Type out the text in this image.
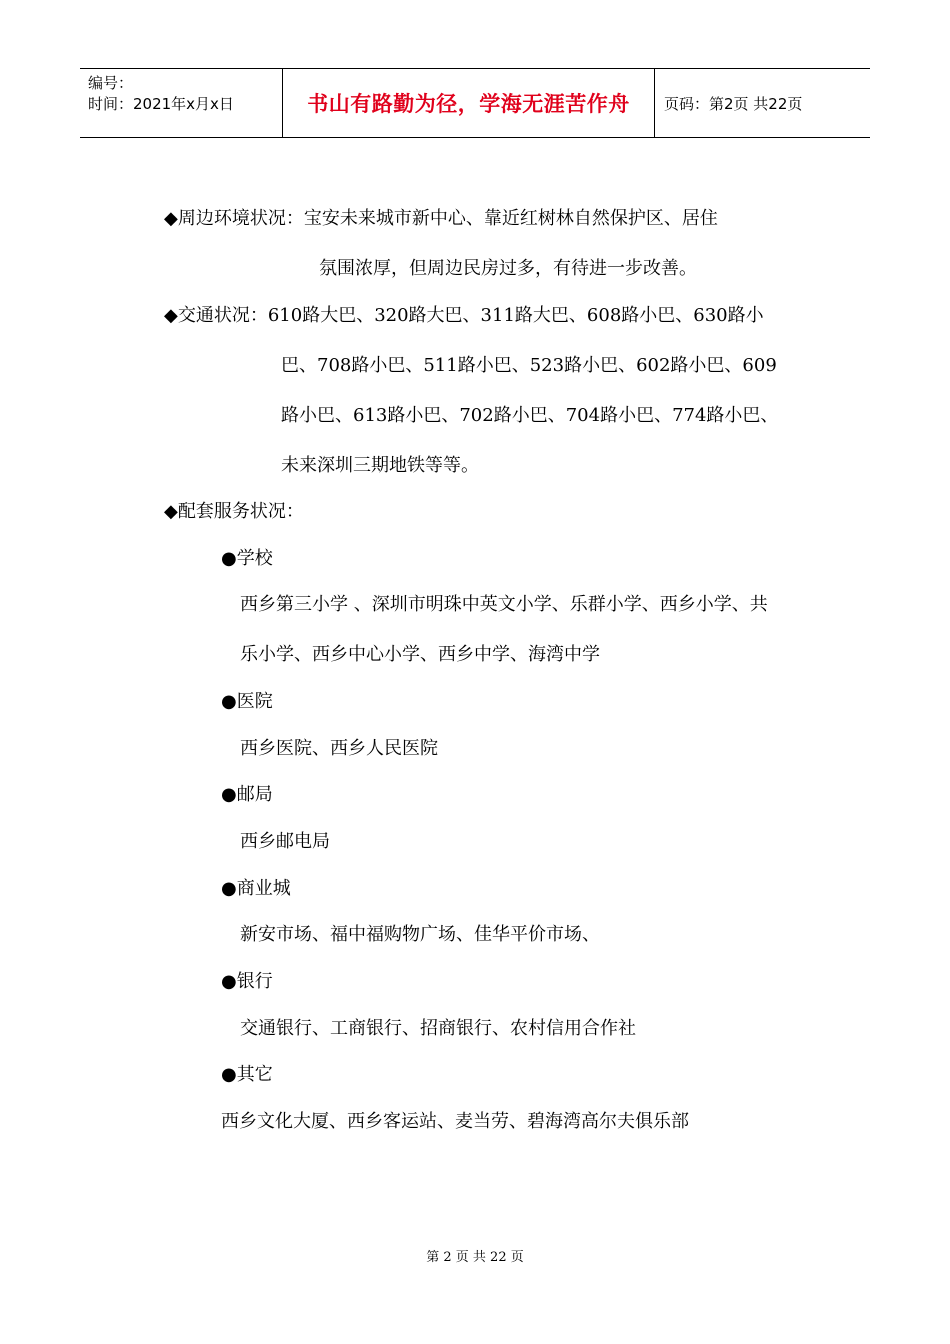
编号：
时间：2021年x月x日	书山有路勤为径，学海无涯苦作舟	页码：第2页 共22页
◆周边环境状况：宝安未来城市新中心、靠近红树林自然保护区、居住
氛围浓厚，但周边民房过多，有待进一步改善。
◆交通状况：610路大巴、320路大巴、311路大巴、608路小巴、630路小
巴、708路小巴、511路小巴、523路小巴、602路小巴、609
路小巴、613路小巴、702路小巴、704路小巴、774路小巴、
未来深圳三期地铁等等。
◆配套服务状况：
●学校
西乡第三小学 、深圳市明珠中英文小学、乐群小学、西乡小学、共
乐小学、西乡中心小学、西乡中学、海湾中学
●医院
西乡医院、西乡人民医院
●邮局
西乡邮电局
●商业城
新安市场、福中福购物广场、佳华平价市场、
●银行
交通银行、工商银行、招商银行、农村信用合作社
●其它
西乡文化大厦、西乡客运站、麦当劳、碧海湾高尔夫俱乐部
第 2 页 共 22 页
